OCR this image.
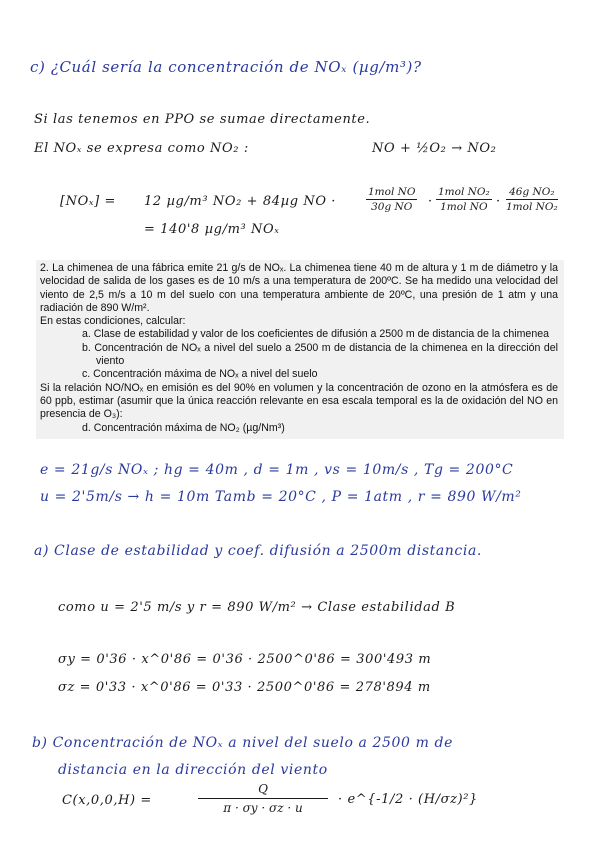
c) ¿Cuál sería la concentración de NOₓ (µg/m³)?
Si las tenemos en PPO se sumae directamente.
El NOₓ se expresa como NO₂ :	NO + ½O₂ → NO₂
[NOₓ] = 12 µg/m³ NO₂ + 84µg NO ·
1mol NO
30g NO	·
1mol NO₂
1mol NO ·
46g NO₂
1mol NO₂
= 140'8 µg/m³ NOₓ

2. La chimenea de una fábrica emite 21 g/s de NOₓ. La chimenea tiene 40 m de altura y 1 m de diámetro y la velocidad de salida de los gases es de 10 m/s a una temperatura de 200ºC. Se ha medido una velocidad del viento de 2,5 m/s a 10 m del suelo con una temperatura ambiente de 20ºC, una presión de 1 atm y una radiación de 890 W/m².

En estas condiciones, calcular:

a. Clase de estabilidad y valor de los coeficientes de difusión a 2500 m de distancia de la chimenea

b. Concentración de NOₓ a nivel del suelo a 2500 m de distancia de la chimenea en la dirección del viento

c. Concentración máxima de NOₓ a nivel del suelo

Si la relación NO/NOₓ en emisión es del 90% en volumen y la concentración de ozono en la atmósfera es de 60 ppb, estimar (asumir que la única reacción relevante en esa escala temporal es la de oxidación del NO en presencia de O₃):

d. Concentración máxima de NO₂ (µg/Nm³)

e = 21g/s NOₓ ; hg = 40m , d = 1m , vs = 10m/s , Tg = 200°C
u = 2'5m/s → h = 10m Tamb = 20°C , P = 1atm , r = 890 W/m²
a) Clase de estabilidad y coef. difusión a 2500m distancia.
como u = 2'5 m/s y r = 890 W/m² → Clase estabilidad B
σy = 0'36 · x^0'86 = 0'36 · 2500^0'86 = 300'493 m
σz = 0'33 · x^0'86 = 0'33 · 2500^0'86 = 278'894 m
b) Concentración de NOₓ a nivel del suelo a 2500 m de
distancia en la dirección del viento
C(x,0,0,H) =	$\frac{Q}{\pi \cdot \sigma y \cdot \sigma z \cdot u}$ · e^{-1/2 · (H/σz)²}
